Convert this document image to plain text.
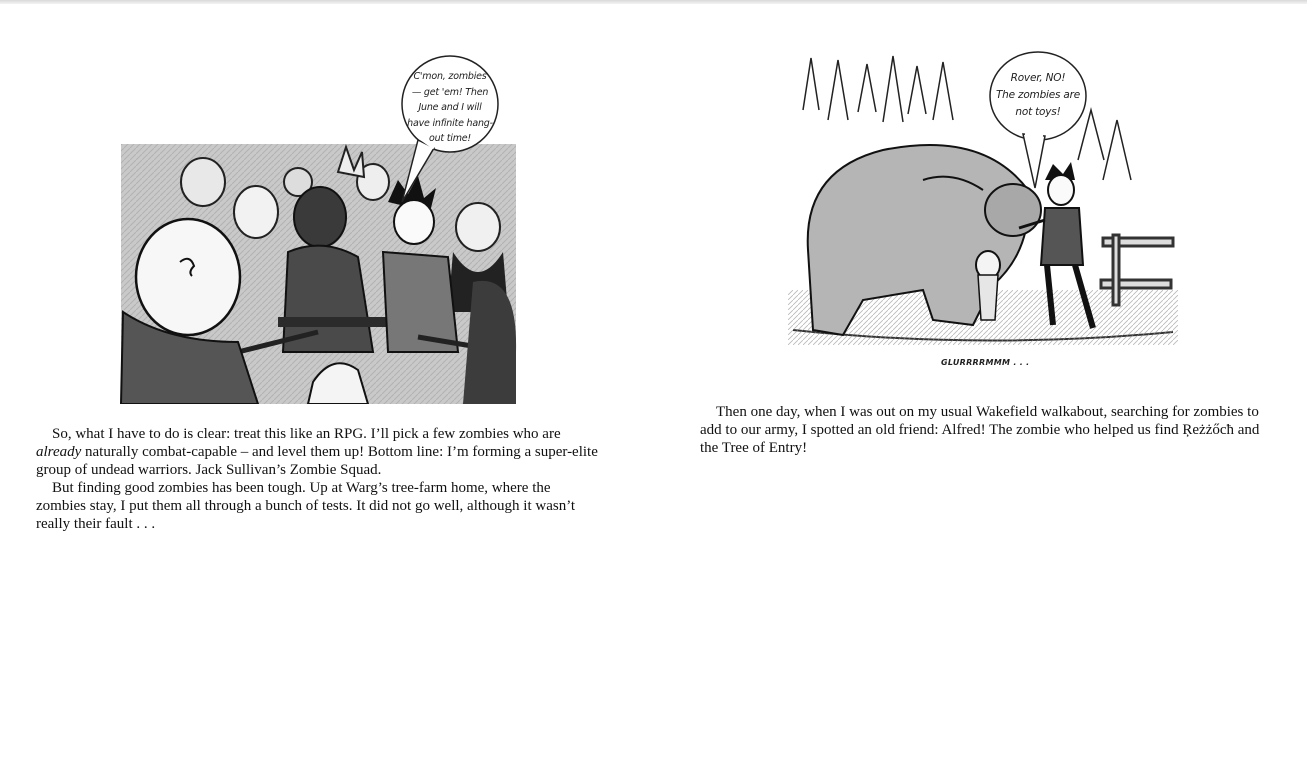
C'mon, zombies
— get 'em! Then
June and I will
have infinite hang-
out time!

So, what I have to do is clear: treat this like an RPG. I’ll pick a few zombies who are already naturally combat-capable – and level them up! Bottom line: I’m forming a super-elite group of undead warriors. Jack Sullivan’s Zombie Squad.

But finding good zombies has been tough. Up at Warg’s tree-farm home, where the zombies stay, I put them all through a bunch of tests. It did not go well, although it wasn’t really their fault . . .

Rover, NO!
The zombies are
not toys!
GLURRRRMMM . . .

Then one day, when I was out on my usual Wakefield walkabout, searching for zombies to add to our army, I spotted an old friend: Alfred! The zombie who helped us find Ŗeżżőcħ and the Tree of Entry!
